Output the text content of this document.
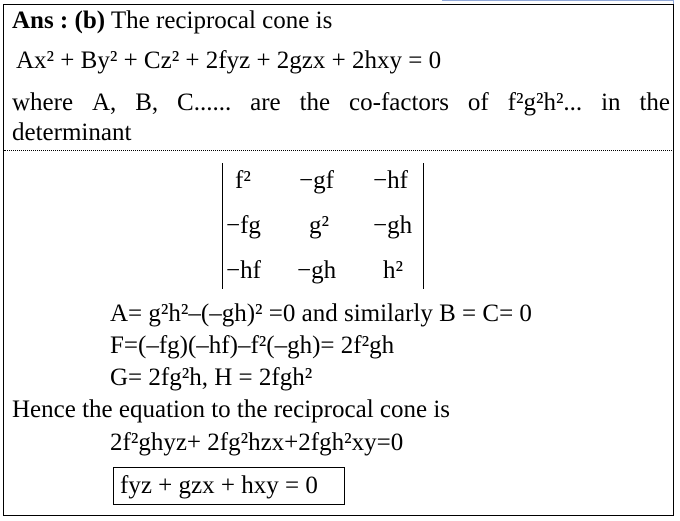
Ans : (b) The reciprocal cone is
Ax² + By² + Cz² + 2fyz + 2gzx + 2hxy = 0
where A, B, C...... are the co-factors of f²g²h²... in the
determinant
f² −gf −hf
−fg g² −gh
−hf −gh h²
A= g²h²–(–gh)² =0 and similarly B = C= 0
F=(–fg)(–hf)–f²(–gh)= 2f²gh
G= 2fg²h, H = 2fgh²
Hence the equation to the reciprocal cone is
2f²ghyz+ 2fg²hzx+2fgh²xy=0
fyz + gzx + hxy = 0
